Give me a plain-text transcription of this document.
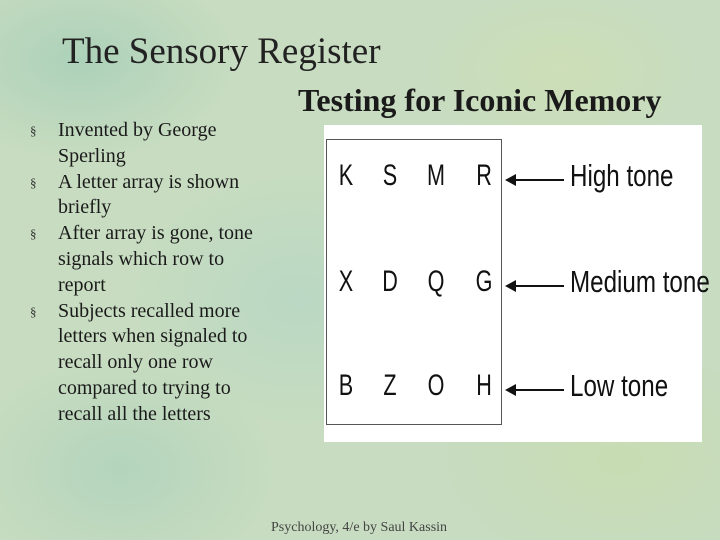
The Sensory Register
Testing for Iconic Memory
§ Invented by George
Sperling
§ A letter array is shown
briefly
§ After array is gone, tone
signals which row to
report
§ Subjects recalled more
letters when signaled to
recall only one row
compared to trying to
recall all the letters
K S M R	High tone
X D Q G	Medium tone
B Z O H	Low tone
Psychology, 4/e by Saul Kassin
